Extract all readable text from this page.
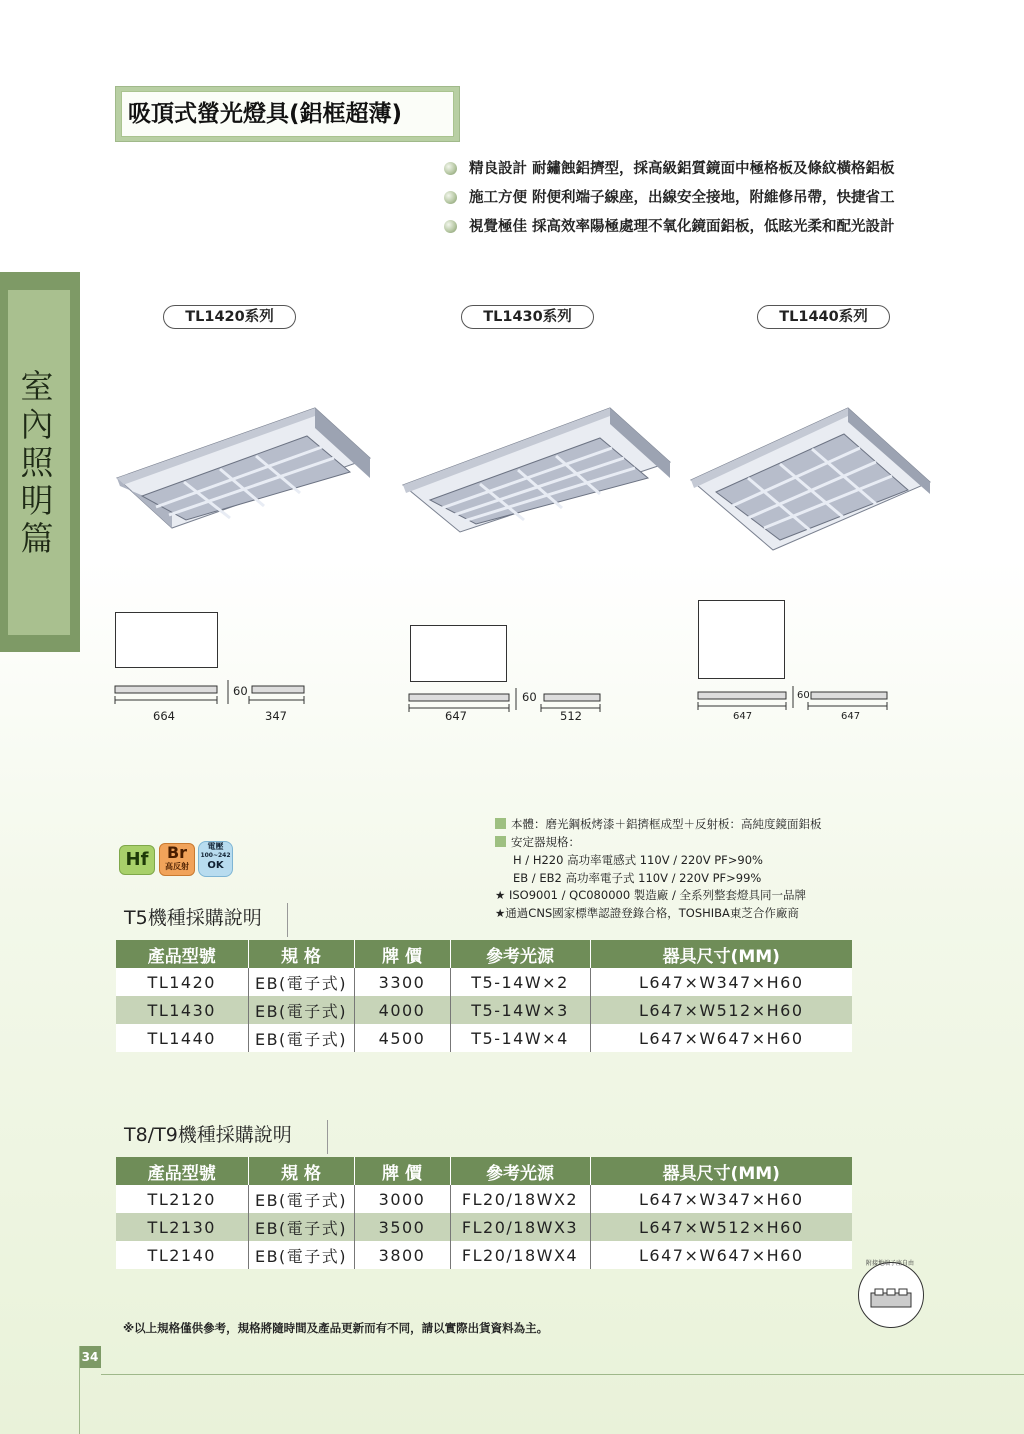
室內照明篇
吸頂式螢光燈具(鋁框超薄)
精良設計 耐鏽蝕鋁擠型，採高級鋁質鏡面中極格板及條紋橫格鋁板
施工方便 附便利端子線座，出線安全接地，附維修吊帶，快捷省工
視覺極佳 採高效率陽極處理不氧化鏡面鋁板，低眩光柔和配光設計
TL1420系列	TL1430系列	TL1440系列
664
60
347	647
60
512	647
60
647
Hf	Br
高反射
電壓
100~242
OK
本體：磨光鋼板烤漆＋鋁擠框成型＋反射板：高純度鏡面鋁板
安定器規格：
H / H220 高功率電感式 110V / 220V PF>90%
EB / EB2 高功率電子式 110V / 220V PF>99%
★ ISO9001 / QC080000 製造廠 / 全系列整套燈具同一品牌
★通過CNS國家標準認證登錄合格，TOSHIBA東芝合作廠商
T5機種採購說明
產品型號	規 格	牌 價	參考光源	器具尺寸(MM)
TL1420	EB(電子式)	3300	T5-14W×2	L647×W347×H60
TL1430	EB(電子式)	4000	T5-14W×3	L647×W512×H60
TL1440	EB(電子式)	4500	T5-14W×4	L647×W647×H60
T8/T9機種採購說明
產品型號	規 格	牌 價	參考光源	器具尺寸(MM)
TL2120	EB(電子式)	3000	FL20/18WX2	L647×W347×H60
TL2130	EB(電子式)	3500	FL20/18WX3	L647×W512×H60
TL2140	EB(電子式)	3800	FL20/18WX4	L647×W647×H60	附接地端子座自由
※以上規格僅供參考，規格將隨時間及產品更新而有不同，請以實際出貨資料為主。
34
